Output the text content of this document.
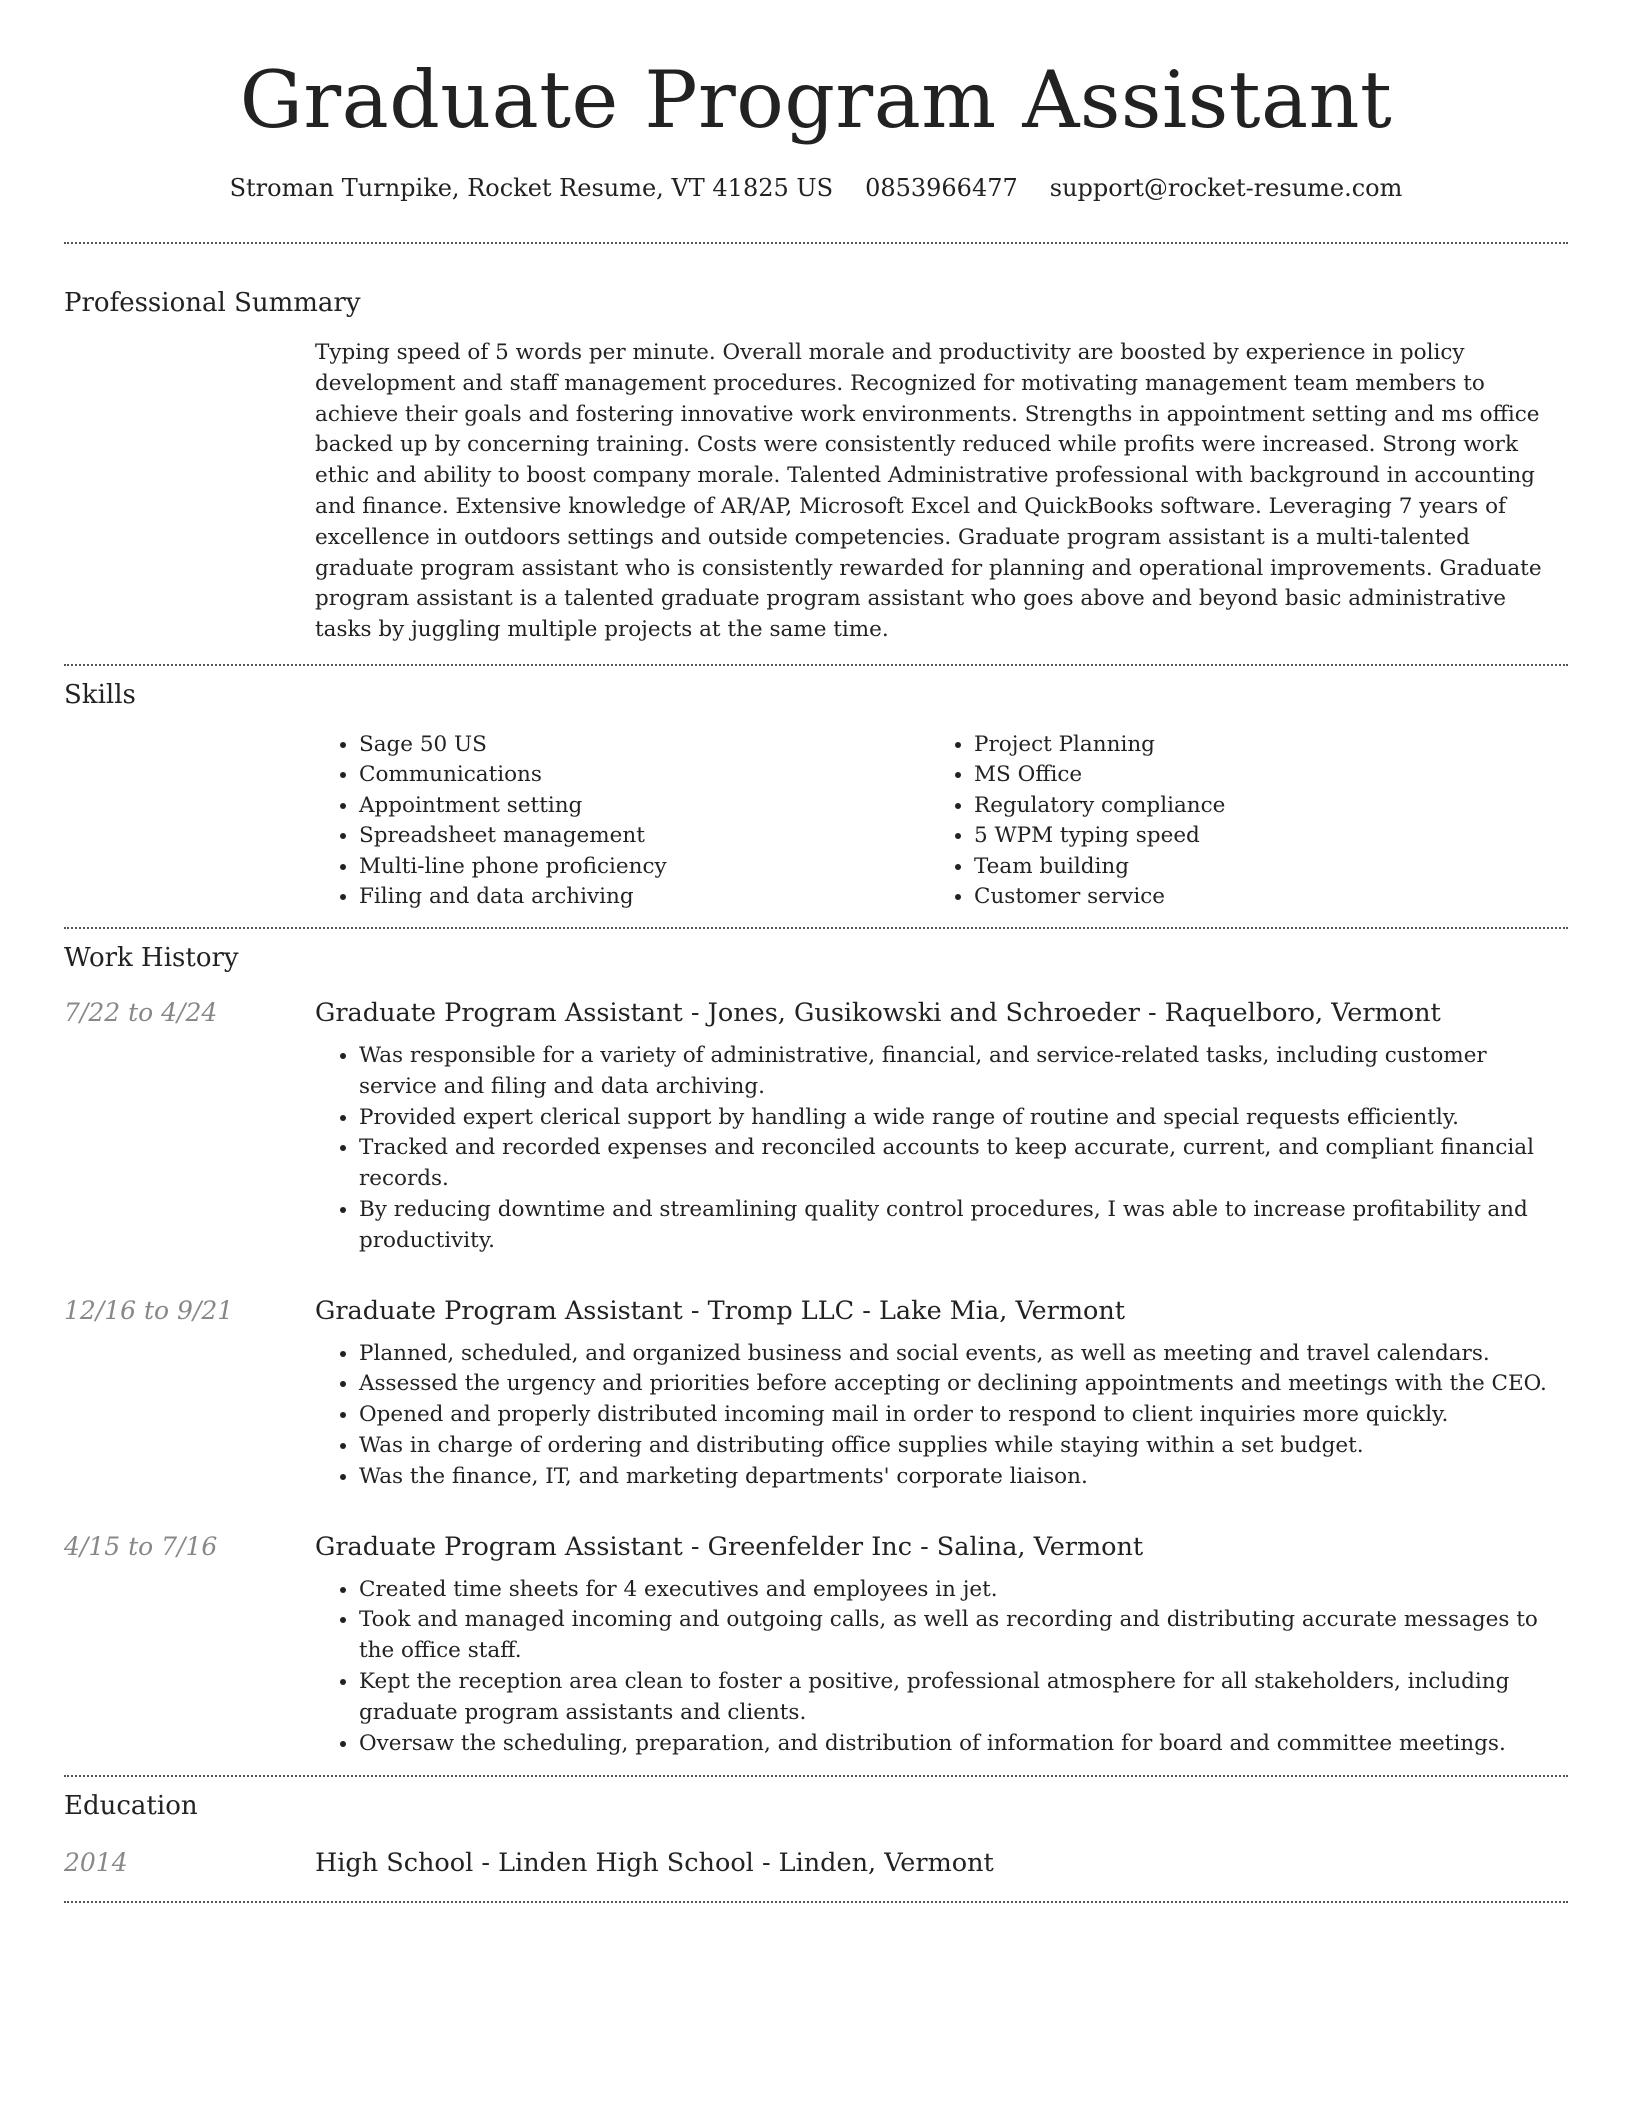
Graduate Program Assistant
Stroman Turnpike, Rocket Resume, VT 41825 US 0853966477 support@rocket-resume.com
Professional Summary

Typing speed of 5 words per minute. Overall morale and productivity are boosted by experience in policy development and staff management procedures. Recognized for motivating management team members to achieve their goals and fostering innovative work environments. Strengths in appointment setting and ms office backed up by concerning training. Costs were consistently reduced while profits were increased. Strong work ethic and ability to boost company morale. Talented Administrative professional with background in accounting and finance. Extensive knowledge of AR/AP, Microsoft Excel and QuickBooks software. Leveraging 7 years of excellence in outdoors settings and outside competencies. Graduate program assistant is a multi-talented graduate program assistant who is consistently rewarded for planning and operational improvements. Graduate program assistant is a talented graduate program assistant who goes above and beyond basic administrative tasks by juggling multiple projects at the same time.

Skills
• Sage 50 US
• Communications
• Appointment setting
• Spreadsheet management
• Multi-line phone proficiency
• Filing and data archiving
• Project Planning
• MS Office
• Regulatory compliance
• 5 WPM typing speed
• Team building
• Customer service
Work History
7/22 to 4/24	Graduate Program Assistant - Jones, Gusikowski and Schroeder - Raquelboro, Vermont
• Was responsible for a variety of administrative, financial, and service-related tasks, including customer service and filing and data archiving.
• Provided expert clerical support by handling a wide range of routine and special requests efficiently.
• Tracked and recorded expenses and reconciled accounts to keep accurate, current, and compliant financial records.
• By reducing downtime and streamlining quality control procedures, I was able to increase profitability and productivity.
12/16 to 9/21	Graduate Program Assistant - Tromp LLC - Lake Mia, Vermont
• Planned, scheduled, and organized business and social events, as well as meeting and travel calendars.
• Assessed the urgency and priorities before accepting or declining appointments and meetings with the CEO.
• Opened and properly distributed incoming mail in order to respond to client inquiries more quickly.
• Was in charge of ordering and distributing office supplies while staying within a set budget.
• Was the finance, IT, and marketing departments' corporate liaison.
4/15 to 7/16	Graduate Program Assistant - Greenfelder Inc - Salina, Vermont
• Created time sheets for 4 executives and employees in jet.
• Took and managed incoming and outgoing calls, as well as recording and distributing accurate messages to the office staff.
• Kept the reception area clean to foster a positive, professional atmosphere for all stakeholders, including graduate program assistants and clients.
• Oversaw the scheduling, preparation, and distribution of information for board and committee meetings.
Education
2014	High School - Linden High School - Linden, Vermont
